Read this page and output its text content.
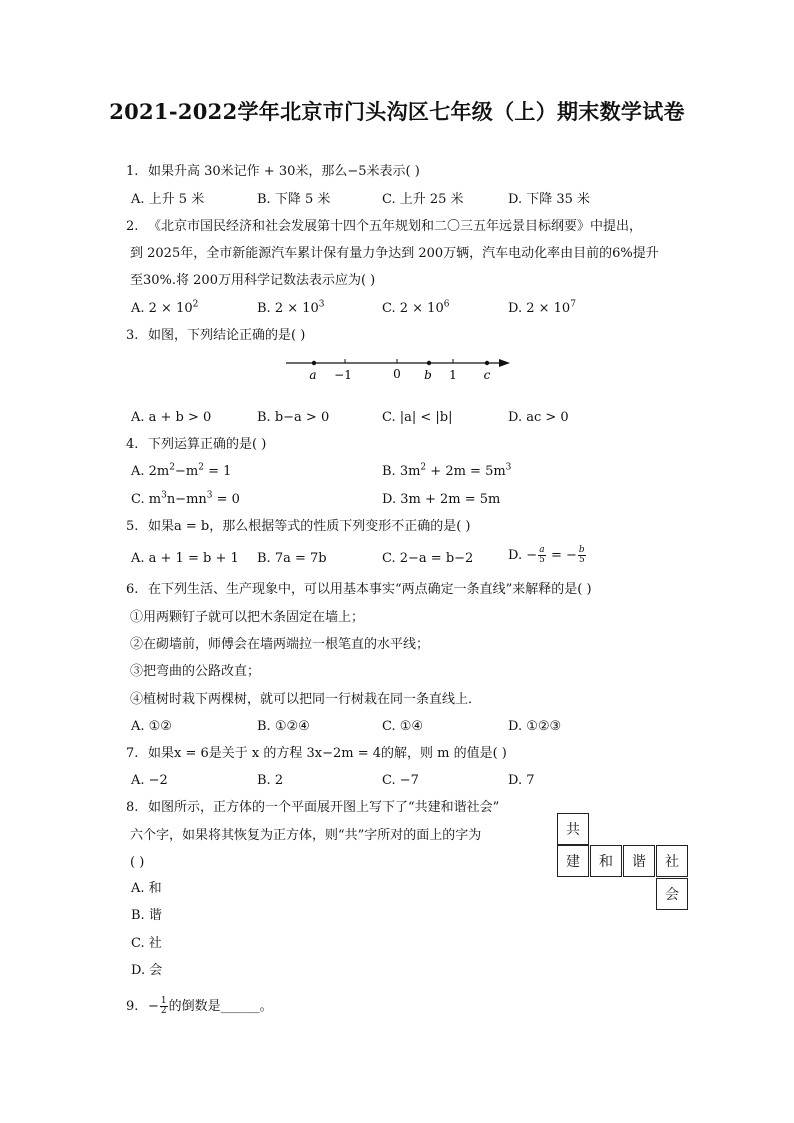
2021-2022学年北京市门头沟区七年级（上）期末数学试卷
1. 如果升高 30米记作 + 30米，那么−5米表示( )
A. 上升 5 米	B. 下降 5 米	C. 上升 25 米	D. 下降 35 米
2. 《北京市国民经济和社会发展第十四个五年规划和二〇三五年远景目标纲要》中提出，
到 2025年，全市新能源汽车累计保有量力争达到 200万辆，汽车电动化率由目前的6%提升
至30%.将 200万用科学记数法表示应为( )
A. $2 \times 10^2$	B. $2 \times 10^3$	C. $2 \times 10^6$	D. $2 \times 10^7$
3. 如图，下列结论正确的是( )
a −1	0 b 1 c
A. a + b > 0	B. b−a > 0	C. |a| < |b|	D. ac > 0
4. 下列运算正确的是( )
A. $2m^2-m^2 = 1$	B. $3m^2 + 2m = 5m^3$
C. $m^3n-mn^3 = 0$	D. 3m + 2m = 5m
5. 如果a = b，那么根据等式的性质下列变形不正确的是( )
A. a + 1 = b + 1 B. 7a = 7b	C. 2−a = b−2	D. − $\frac{a}{5}$ = − $\frac{b}{5}$
6. 在下列生活、生产现象中，可以用基本事实“两点确定一条直线”来解释的是( )
①用两颗钉子就可以把木条固定在墙上；
②在砌墙前，师傅会在墙两端拉一根笔直的水平线；
③把弯曲的公路改直；
④植树时栽下两棵树，就可以把同一行树栽在同一条直线上．
A. ①②	B. ①②④	C. ①④	D. ①②③
7. 如果x = 6是关于 x 的方程 3x−2m = 4的解，则 m 的值是( )
A. −2	B. 2	C. −7	D. 7
8. 如图所示，正方体的一个平面展开图上写下了“共建和谐社会”
六个字，如果将其恢复为正方体，则“共”字所对的面上的字为
( )
A. 和
B. 谐
C. 社
D. 会
共
建	和	谐	社
会
9. − $\frac{1}{2}$ 的倒数是______。
